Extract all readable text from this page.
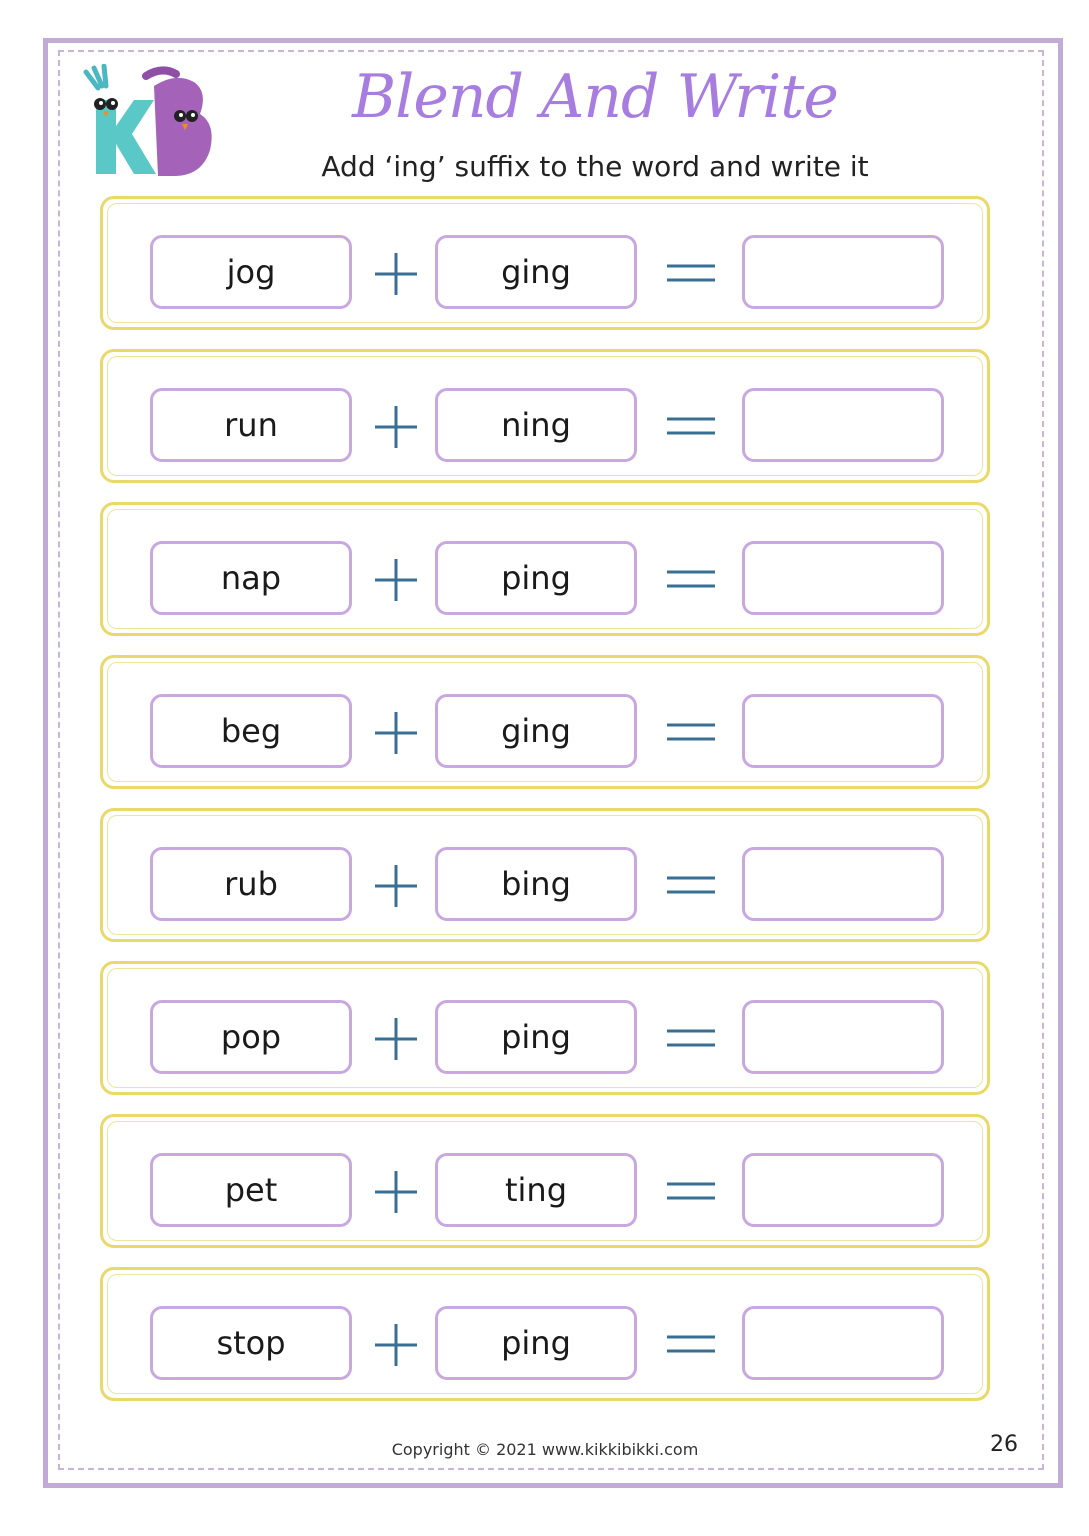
Blend And Write
Add ‘ing’ suffix to the word and write it
jog	ging
run	ning
nap	ping
beg	ging
rub	bing
pop	ping
pet	ting
stop	ping
Copyright © 2021 www.kikkibikki.com	26
